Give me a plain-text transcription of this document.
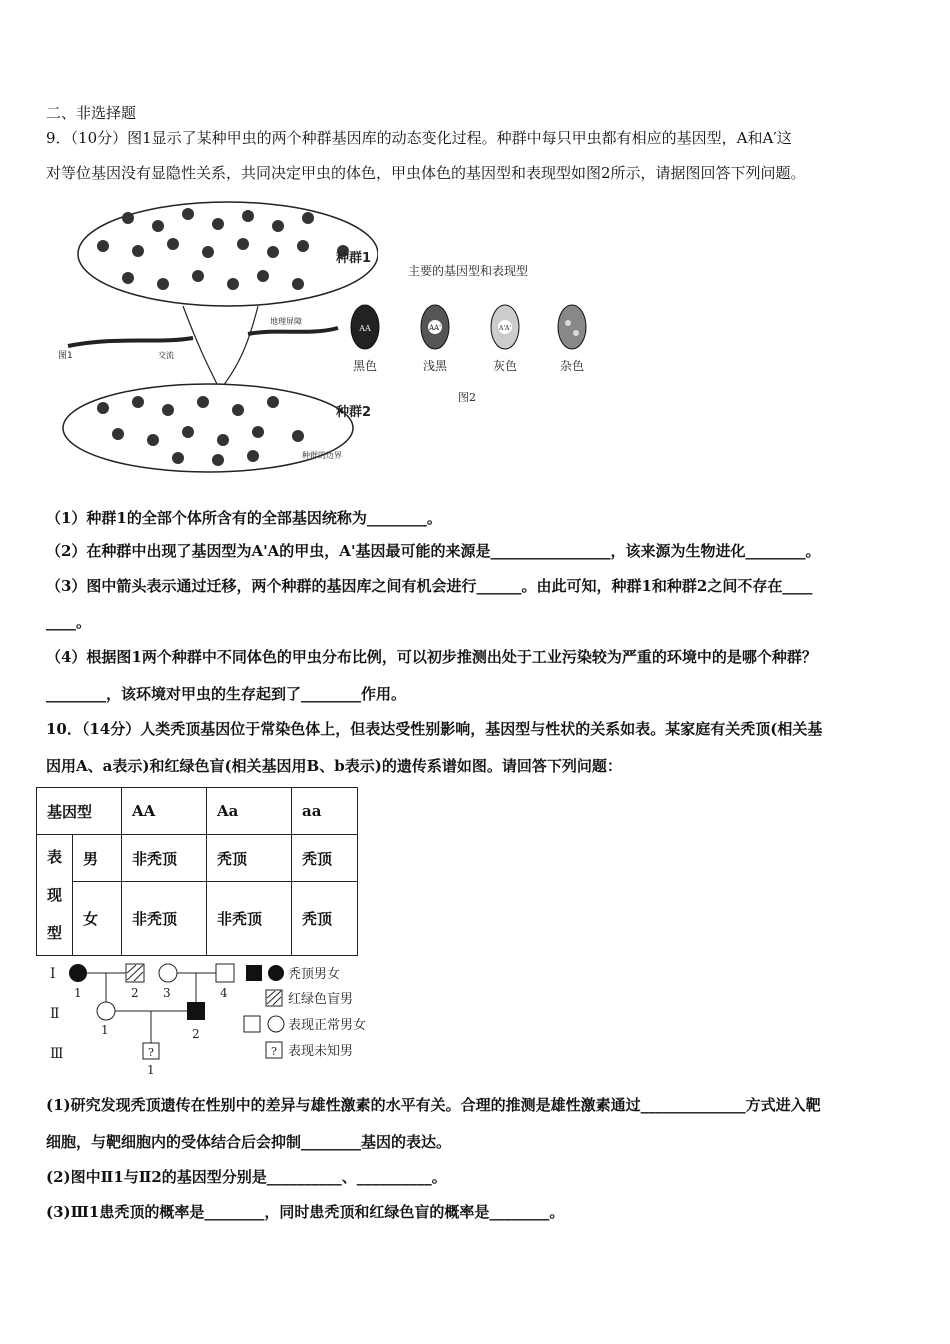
二、非选择题
9．（10分）图1显示了某种甲虫的两个种群基因库的动态变化过程。种群中每只甲虫都有相应的基因型，A和A′这
对等位基因没有显隐性关系，共同决定甲虫的体色，甲虫体色的基因型和表现型如图2所示，请据图回答下列问题。
地理屏障
交流
图1
种群1
种群2
种群的边界
主要的基因型和表现型
AA
黑色
AA'
浅黑
A'A'
灰色	杂色
图2
（1）种群1的全部个体所含有的全部基因统称为________。
（2）在种群中出现了基因型为A'A的甲虫，A'基因最可能的来源是________________，该来源为生物进化________。
（3）图中箭头表示通过迁移，两个种群的基因库之间有机会进行______。由此可知，种群1和种群2之间不存在____
____。
（4）根据图1两个种群中不同体色的甲虫分布比例，可以初步推测出处于工业污染较为严重的环境中的是哪个种群？
________，该环境对甲虫的生存起到了________作用。
10．（14分）人类秃顶基因位于常染色体上，但表达受性别影响，基因型与性状的关系如表。某家庭有关秃顶(相关基
因用A、a表示)和红绿色盲(相关基因用B、b表示)的遗传系谱如图。请回答下列问题：
基因型		AA	Aa	aa

表
现
型	男	非秃顶	秃顶	秃顶
	女	非秃顶	非秃顶	秃顶
Ⅰ
Ⅱ
Ⅲ
1	2 3	4
1	2
?
1
秃顶男女
红绿色盲男
表现正常男女
? 表现未知男
(1)研究发现秃顶遗传在性别中的差异与雄性激素的水平有关。合理的推测是雄性激素通过______________方式进入靶
细胞，与靶细胞内的受体结合后会抑制________基因的表达。
(2)图中Ⅱ1与Ⅱ2的基因型分别是__________、__________。
(3)Ⅲ1患秃顶的概率是________，同时患秃顶和红绿色盲的概率是________。
